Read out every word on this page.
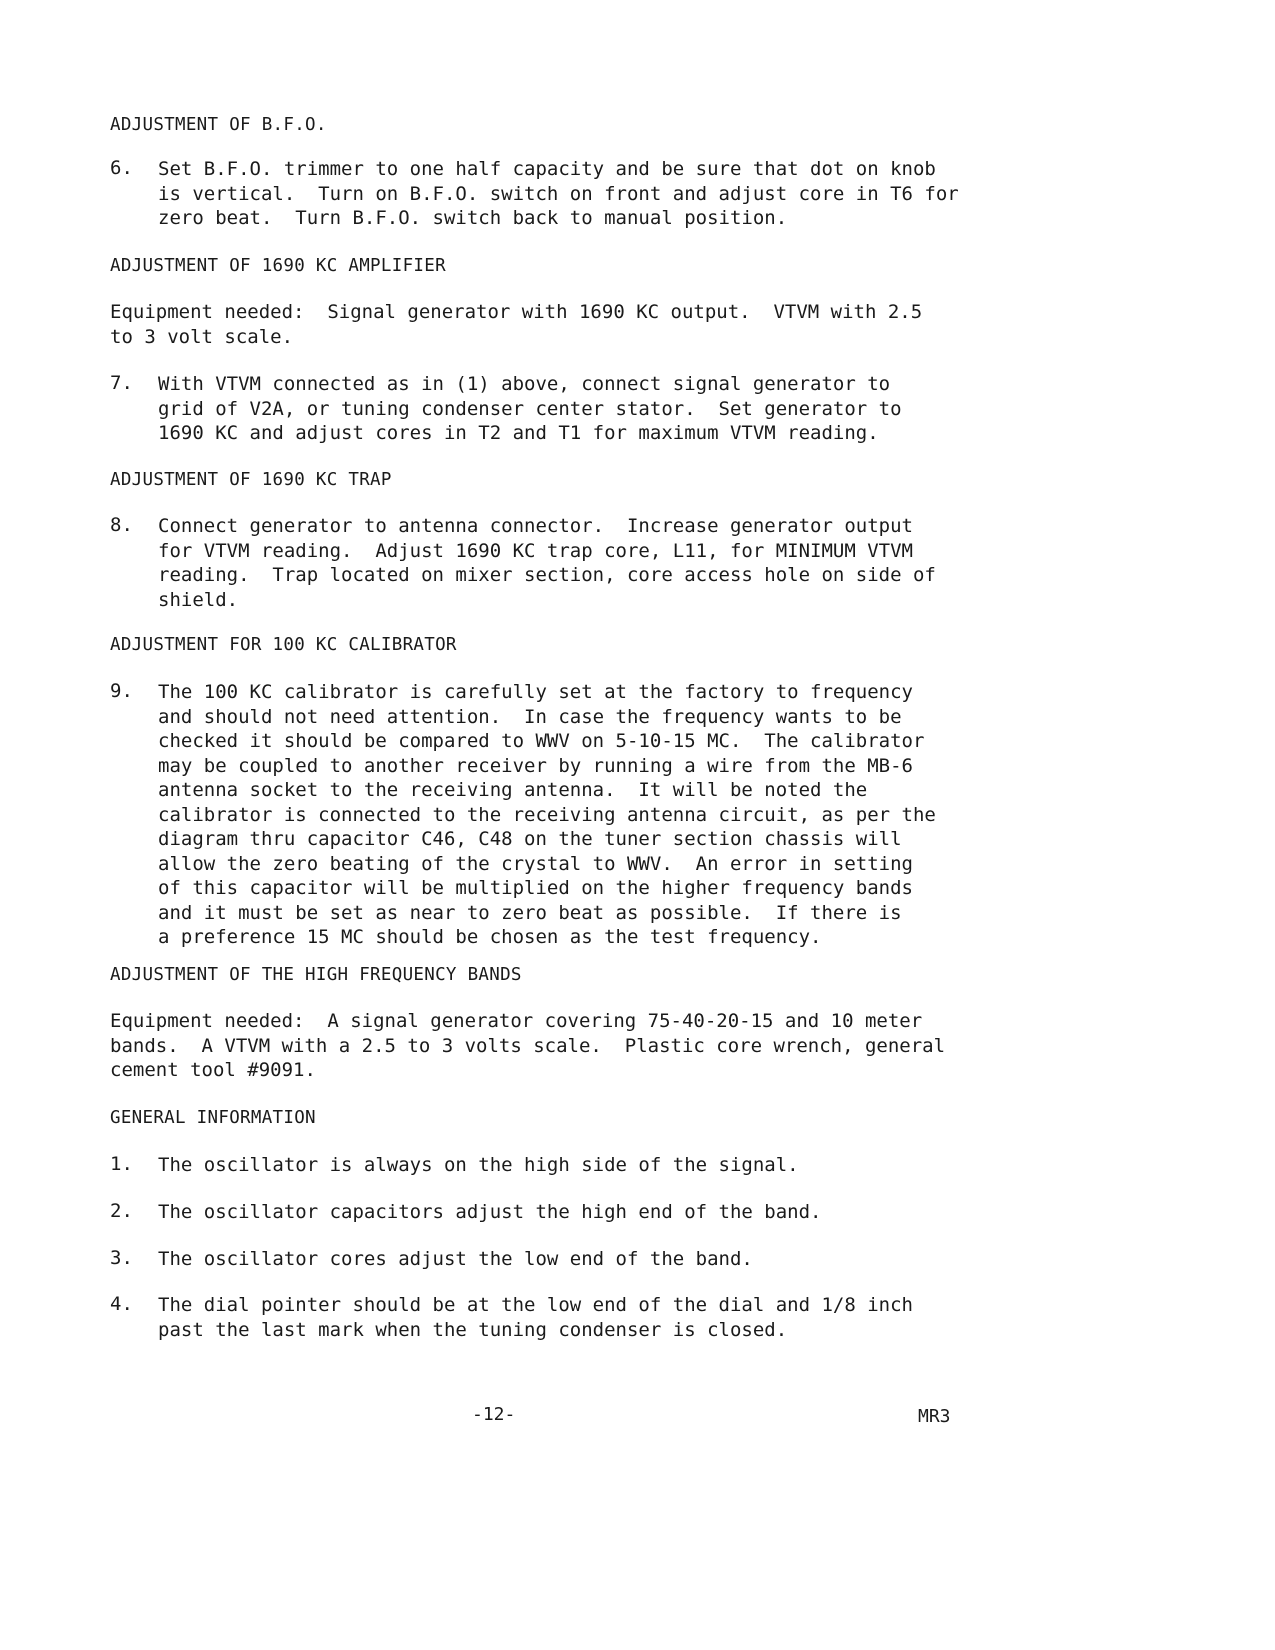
ADJUSTMENT OF B.F.O.
6. Set B.F.O. trimmer to one half capacity and be sure that dot on knob
is vertical.  Turn on B.F.O. switch on front and adjust core in T6 for
zero beat.  Turn B.F.O. switch back to manual position.
ADJUSTMENT OF 1690 KC AMPLIFIER
Equipment needed:  Signal generator with 1690 KC output.  VTVM with 2.5
to 3 volt scale.
7. With VTVM connected as in (1) above, connect signal generator to
grid of V2A, or tuning condenser center stator.  Set generator to
1690 KC and adjust cores in T2 and T1 for maximum VTVM reading.
ADJUSTMENT OF 1690 KC TRAP
8. Connect generator to antenna connector.  Increase generator output
for VTVM reading.  Adjust 1690 KC trap core, L11, for MINIMUM VTVM
reading.  Trap located on mixer section, core access hole on side of
shield.
ADJUSTMENT FOR 100 KC CALIBRATOR
9. The 100 KC calibrator is carefully set at the factory to frequency
and should not need attention.  In case the frequency wants to be
checked it should be compared to WWV on 5-10-15 MC.  The calibrator
may be coupled to another receiver by running a wire from the MB-6
antenna socket to the receiving antenna.  It will be noted the
calibrator is connected to the receiving antenna circuit, as per the
diagram thru capacitor C46, C48 on the tuner section chassis will
allow the zero beating of the crystal to WWV.  An error in setting
of this capacitor will be multiplied on the higher frequency bands
and it must be set as near to zero beat as possible.  If there is
a preference 15 MC should be chosen as the test frequency.
ADJUSTMENT OF THE HIGH FREQUENCY BANDS
Equipment needed:  A signal generator covering 75-40-20-15 and 10 meter
bands.  A VTVM with a 2.5 to 3 volts scale.  Plastic core wrench, general
cement tool #9091.
GENERAL INFORMATION
1. The oscillator is always on the high side of the signal.
2. The oscillator capacitors adjust the high end of the band.
3. The oscillator cores adjust the low end of the band.
4. The dial pointer should be at the low end of the dial and 1/8 inch
past the last mark when the tuning condenser is closed.
-12-	MR3
